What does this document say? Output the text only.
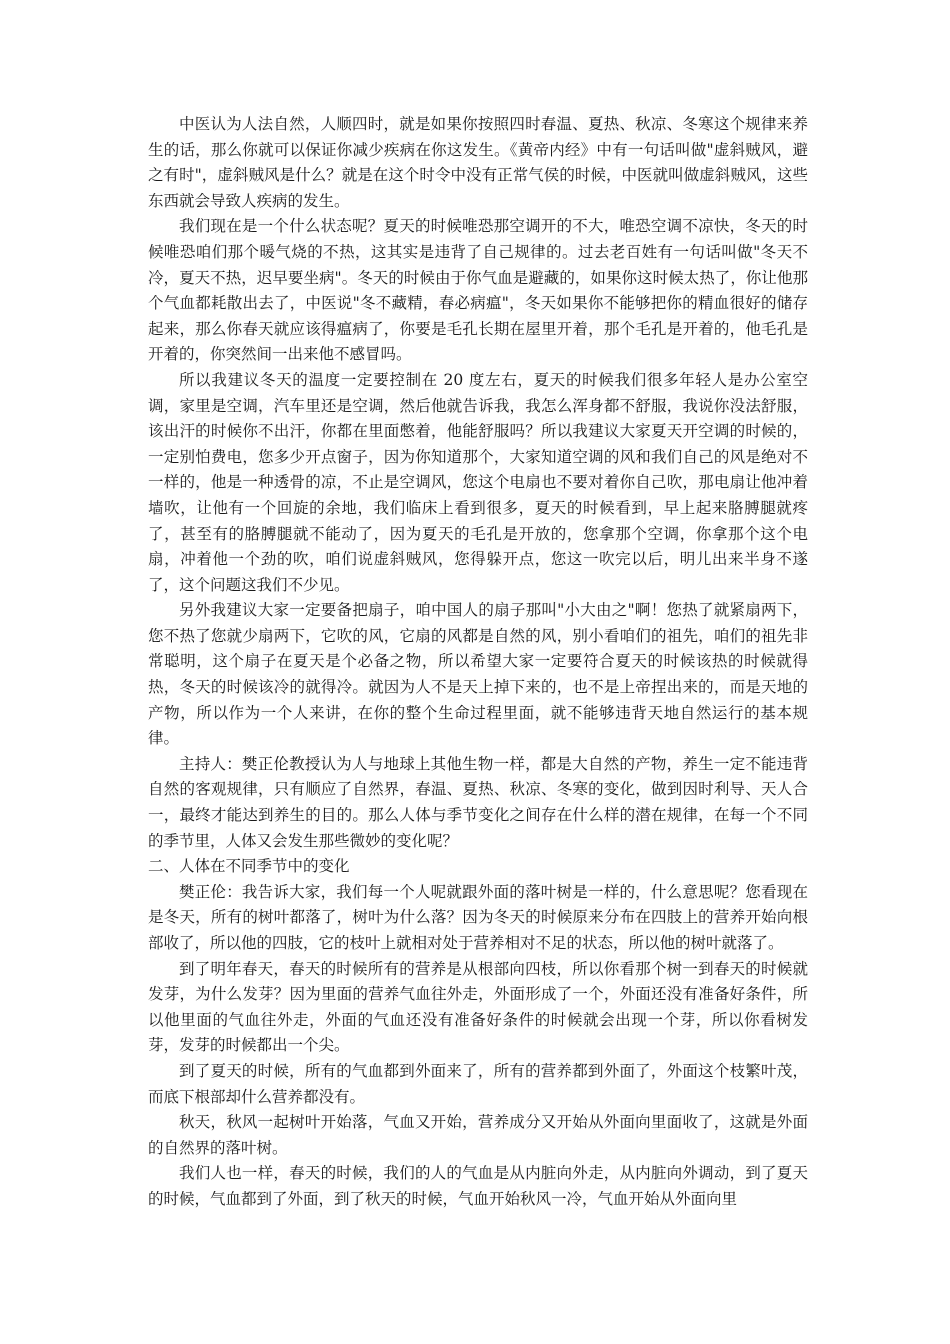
中医认为人法自然，人顺四时，就是如果你按照四时春温、夏热、秋凉、冬寒这个规律来养生的话，那么你就可以保证你减少疾病在你这发生。《黄帝内经》中有一句话叫做"虚斜贼风，避之有时"，虚斜贼风是什么？就是在这个时令中没有正常气侯的时候，中医就叫做虚斜贼风，这些东西就会导致人疾病的发生。

我们现在是一个什么状态呢？夏天的时候唯恐那空调开的不大，唯恐空调不凉快，冬天的时候唯恐咱们那个暖气烧的不热，这其实是违背了自己规律的。过去老百姓有一句话叫做"冬天不冷，夏天不热，迟早要坐病"。冬天的时候由于你气血是避藏的，如果你这时候太热了，你让他那个气血都耗散出去了，中医说"冬不藏精，春必病瘟"，冬天如果你不能够把你的精血很好的储存起来，那么你春天就应该得瘟病了，你要是毛孔长期在屋里开着，那个毛孔是开着的，他毛孔是开着的，你突然间一出来他不感冒吗。

所以我建议冬天的温度一定要控制在 20 度左右，夏天的时候我们很多年轻人是办公室空调，家里是空调，汽车里还是空调，然后他就告诉我，我怎么浑身都不舒服，我说你没法舒服，该出汗的时候你不出汗，你都在里面憋着，他能舒服吗？所以我建议大家夏天开空调的时候的，一定别怕费电，您多少开点窗子，因为你知道那个，大家知道空调的风和我们自己的风是绝对不一样的，他是一种透骨的凉，不止是空调风，您这个电扇也不要对着你自己吹，那电扇让他冲着墙吹，让他有一个回旋的余地，我们临床上看到很多，夏天的时候看到，早上起来胳膊腿就疼了，甚至有的胳膊腿就不能动了，因为夏天的毛孔是开放的，您拿那个空调，你拿那个这个电扇，冲着他一个劲的吹，咱们说虚斜贼风，您得躲开点，您这一吹完以后，明儿出来半身不遂了，这个问题这我们不少见。

另外我建议大家一定要备把扇子，咱中国人的扇子那叫"小大由之"啊！您热了就紧扇两下，您不热了您就少扇两下，它吹的风，它扇的风都是自然的风，别小看咱们的祖先，咱们的祖先非常聪明，这个扇子在夏天是个必备之物，所以希望大家一定要符合夏天的时候该热的时候就得热，冬天的时候该冷的就得冷。就因为人不是天上掉下来的，也不是上帝捏出来的，而是天地的产物，所以作为一个人来讲，在你的整个生命过程里面，就不能够违背天地自然运行的基本规律。

主持人：樊正伦教授认为人与地球上其他生物一样，都是大自然的产物，养生一定不能违背自然的客观规律，只有顺应了自然界，春温、夏热、秋凉、冬寒的变化，做到因时利导、天人合一，最终才能达到养生的目的。那么人体与季节变化之间存在什么样的潜在规律，在每一个不同的季节里，人体又会发生那些微妙的变化呢？

二、人体在不同季节中的变化

樊正伦：我告诉大家，我们每一个人呢就跟外面的落叶树是一样的，什么意思呢？您看现在是冬天，所有的树叶都落了，树叶为什么落？因为冬天的时候原来分布在四肢上的营养开始向根部收了，所以他的四肢，它的枝叶上就相对处于营养相对不足的状态，所以他的树叶就落了。

到了明年春天，春天的时候所有的营养是从根部向四枝，所以你看那个树一到春天的时候就发芽，为什么发芽？因为里面的营养气血往外走，外面形成了一个，外面还没有准备好条件，所以他里面的气血往外走，外面的气血还没有准备好条件的时候就会出现一个芽，所以你看树发芽，发芽的时候都出一个尖。

到了夏天的时候，所有的气血都到外面来了，所有的营养都到外面了，外面这个枝繁叶茂，而底下根部却什么营养都没有。

秋天，秋风一起树叶开始落，气血又开始，营养成分又开始从外面向里面收了，这就是外面的自然界的落叶树。

我们人也一样，春天的时候，我们的人的气血是从内脏向外走，从内脏向外调动，到了夏天的时候，气血都到了外面，到了秋天的时候，气血开始秋风一冷，气血开始从外面向里
